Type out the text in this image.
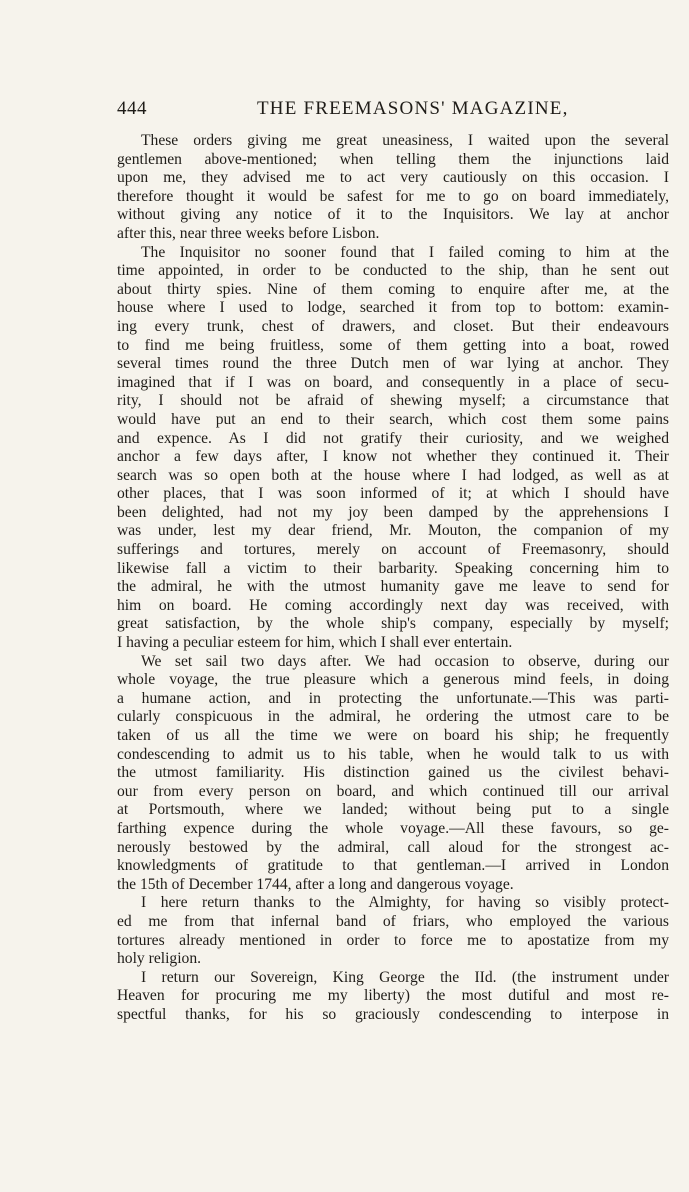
444	THE FREEMASONS' MAGAZINE,
These orders giving me great uneasiness, I waited upon the several
gentlemen above-mentioned; when telling them the injunctions laid
upon me, they advised me to act very cautiously on this occasion. I
therefore thought it would be safest for me to go on board immediately,
without giving any notice of it to the Inquisitors. We lay at anchor
after this, near three weeks before Lisbon.
The Inquisitor no sooner found that I failed coming to him at the
time appointed, in order to be conducted to the ship, than he sent out
about thirty spies. Nine of them coming to enquire after me, at the
house where I used to lodge, searched it from top to bottom: examin-
ing every trunk, chest of drawers, and closet. But their endeavours
to find me being fruitless, some of them getting into a boat, rowed
several times round the three Dutch men of war lying at anchor. They
imagined that if I was on board, and consequently in a place of secu-
rity, I should not be afraid of shewing myself; a circumstance that
would have put an end to their search, which cost them some pains
and expence. As I did not gratify their curiosity, and we weighed
anchor a few days after, I know not whether they continued it. Their
search was so open both at the house where I had lodged, as well as at
other places, that I was soon informed of it; at which I should have
been delighted, had not my joy been damped by the apprehensions I
was under, lest my dear friend, Mr. Mouton, the companion of my
sufferings and tortures, merely on account of Freemasonry, should
likewise fall a victim to their barbarity. Speaking concerning him to
the admiral, he with the utmost humanity gave me leave to send for
him on board. He coming accordingly next day was received, with
great satisfaction, by the whole ship's company, especially by myself;
I having a peculiar esteem for him, which I shall ever entertain.
We set sail two days after. We had occasion to observe, during our
whole voyage, the true pleasure which a generous mind feels, in doing
a humane action, and in protecting the unfortunate.—This was parti-
cularly conspicuous in the admiral, he ordering the utmost care to be
taken of us all the time we were on board his ship; he frequently
condescending to admit us to his table, when he would talk to us with
the utmost familiarity. His distinction gained us the civilest behavi-
our from every person on board, and which continued till our arrival
at Portsmouth, where we landed; without being put to a single
farthing expence during the whole voyage.—All these favours, so ge-
nerously bestowed by the admiral, call aloud for the strongest ac-
knowledgments of gratitude to that gentleman.—I arrived in London
the 15th of December 1744, after a long and dangerous voyage.
I here return thanks to the Almighty, for having so visibly protect-
ed me from that infernal band of friars, who employed the various
tortures already mentioned in order to force me to apostatize from my
holy religion.
I return our Sovereign, King George the IId. (the instrument under
Heaven for procuring me my liberty) the most dutiful and most re-
spectful thanks, for his so graciously condescending to interpose in
